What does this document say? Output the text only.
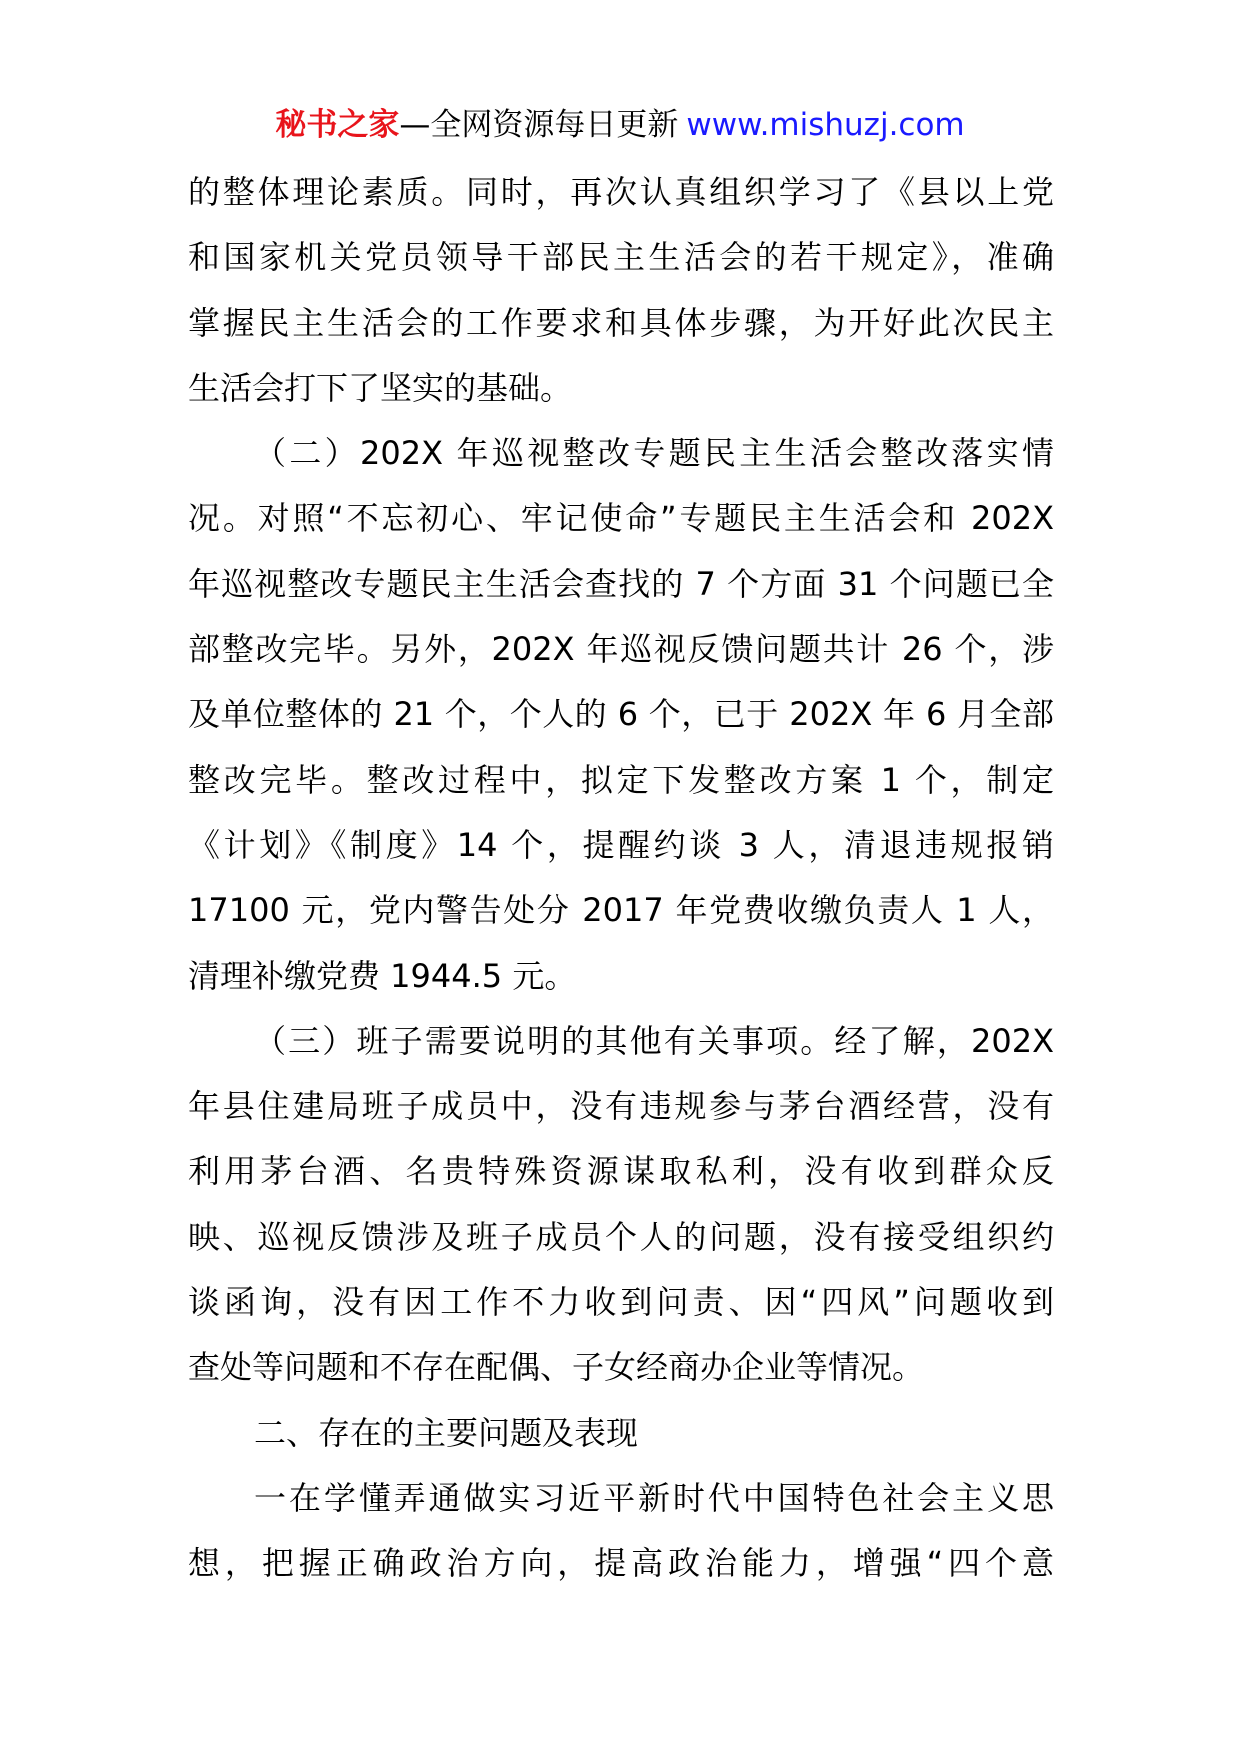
秘书之家—全网资源每日更新 www.mishuzj.com
的整体理论素质。同时，再次认真组织学习了《县以上党
和国家机关党员领导干部民主生活会的若干规定》，准确
掌握民主生活会的工作要求和具体步骤，为开好此次民主
生活会打下了坚实的基础。
（二）202X 年巡视整改专题民主生活会整改落实情
况。对照“不忘初心、牢记使命”专题民主生活会和 202X
年巡视整改专题民主生活会查找的 7 个方面 31 个问题已全
部整改完毕。另外，202X 年巡视反馈问题共计 26 个，涉
及单位整体的 21 个，个人的 6 个，已于 202X 年 6 月全部
整改完毕。整改过程中，拟定下发整改方案 1 个，制定
《计划》《制度》14 个，提醒约谈 3 人，清退违规报销
17100 元，党内警告处分 2017 年党费收缴负责人 1 人，
清理补缴党费 1944.5 元。
（三）班子需要说明的其他有关事项。经了解，202X
年县住建局班子成员中，没有违规参与茅台酒经营，没有
利用茅台酒、名贵特殊资源谋取私利，没有收到群众反
映、巡视反馈涉及班子成员个人的问题，没有接受组织约
谈函询，没有因工作不力收到问责、因“四风”问题收到
查处等问题和不存在配偶、子女经商办企业等情况。
二、存在的主要问题及表现
一在学懂弄通做实习近平新时代中国特色社会主义思
想，把握正确政治方向，提高政治能力，增强“四个意
